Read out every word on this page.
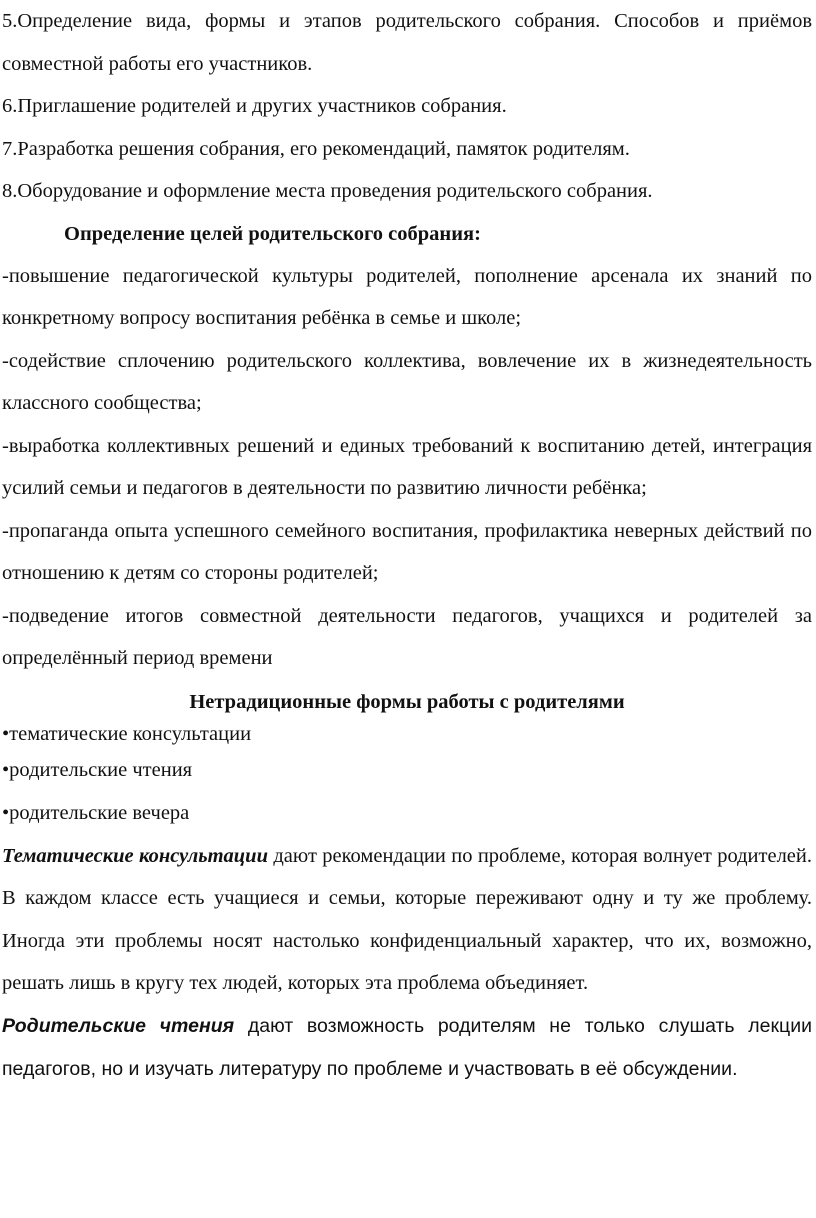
5.Определение вида, формы и этапов родительского собрания. Способов и приёмов совместной работы его участников.

6.Приглашение родителей и других участников собрания.

7.Разработка решения собрания, его рекомендаций, памяток родителям.

8.Оборудование и оформление места проведения родительского собрания.

Определение целей родительского собрания:

-повышение педагогической культуры родителей, пополнение арсенала их знаний по конкретному вопросу воспитания ребёнка в семье и школе;

-содействие сплочению родительского коллектива, вовлечение их в жизнедеятельность классного сообщества;

-выработка коллективных решений и единых требований к воспитанию детей, интеграция усилий семьи и педагогов в деятельности по развитию личности ребёнка;

-пропаганда опыта успешного семейного воспитания, профилактика неверных действий по отношению к детям со стороны родителей;

-подведение итогов совместной деятельности педагогов, учащихся и родителей за определённый период времени

Нетрадиционные формы работы с родителями

•тематические консультации

•родительские чтения

•родительские вечера

Тематические консультации дают рекомендации по проблеме, которая волнует родителей. В каждом классе есть учащиеся и семьи, которые переживают одну и ту же проблему. Иногда эти проблемы носят настолько конфиденциальный характер, что их, возможно, решать лишь в кругу тех людей, которых эта проблема объединяет.

Родительские чтения дают возможность родителям не только слушать лекции педагогов, но и изучать литературу по проблеме и участвовать в её обсуждении.
